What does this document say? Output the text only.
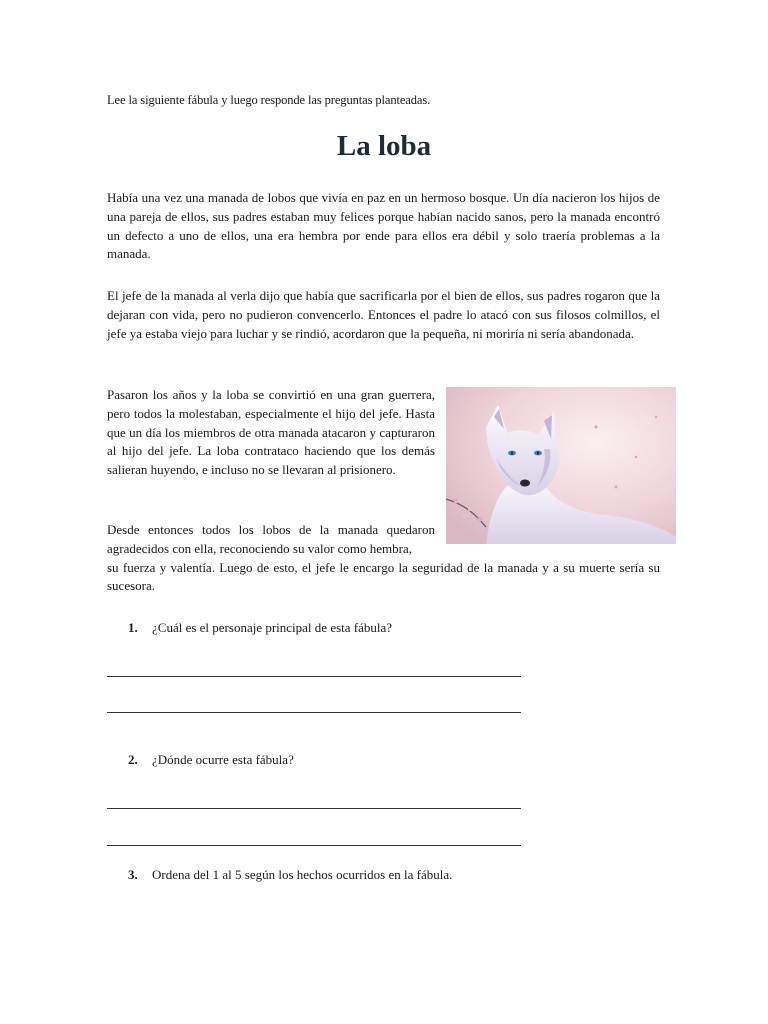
Lee la siguiente fábula y luego responde las preguntas planteadas.

La loba

Había una vez una manada de lobos que vivía en paz en un hermoso bosque. Un día nacieron los hijos de una pareja de ellos, sus padres estaban muy felices porque habían nacido sanos, pero la manada encontró un defecto a uno de ellos, una era hembra por ende para ellos era débil y solo traería problemas a la manada.

El jefe de la manada al verla dijo que había que sacrificarla por el bien de ellos, sus padres rogaron que la dejaran con vida, pero no pudieron convencerlo. Entonces el padre lo atacó con sus filosos colmillos, el jefe ya estaba viejo para luchar y se rindió, acordaron que la pequeña, ni moriría ni sería abandonada.

Pasaron los años y la loba se convirtió en una gran guerrera, pero todos la molestaban, especialmente el hijo del jefe. Hasta que un día los miembros de otra manada atacaron y capturaron al hijo del jefe. La loba contrataco haciendo que los demás salieran huyendo, e incluso no se llevaran al prisionero.

Desde entonces todos los lobos de la manada quedaron agradecidos con ella, reconociendo su valor como hembra,
su fuerza y valentía. Luego de esto, el jefe le encargo la seguridad de la manada y a su muerte sería su sucesora.

1. ¿Cuál es el personaje principal de esta fábula?

2. ¿Dónde ocurre esta fábula?

3. Ordena del 1 al 5 según los hechos ocurridos en la fábula.
